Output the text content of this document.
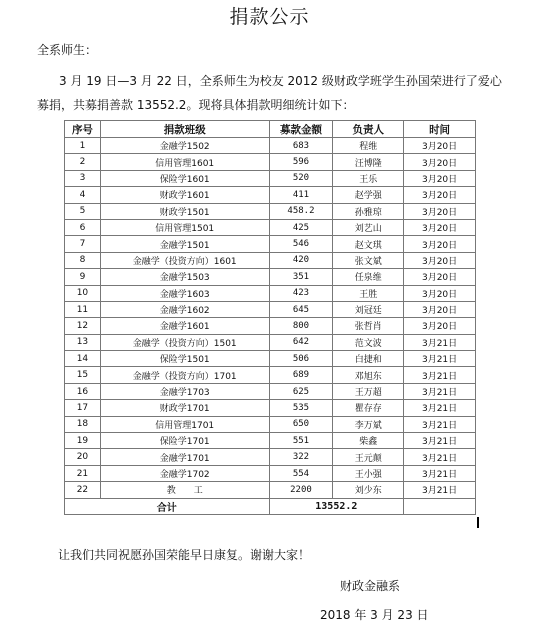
捐款公示
全系师生：
3 月 19 日—3 月 22 日，全系师生为校友 2012 级财政学班学生孙国荣进行了爱心募捐，共募捐善款 13552.2。现将具体捐款明细统计如下：
序号	捐款班级	募款金额	负责人	时间
1	金融学1502	683	程维	3月20日
2	信用管理1601	596	汪博隆	3月20日
3	保险学1601	520	王乐	3月20日
4	财政学1601	411	赵学强	3月20日
5	财政学1501	458.2	孙雅琼	3月20日
6	信用管理1501	425	刘艺山	3月20日
7	金融学1501	546	赵文琪	3月20日
8	金融学（投资方向）1601	420	张文斌	3月20日
9	金融学1503	351	任泉维	3月20日
10	金融学1603	423	王胜	3月20日
11	金融学1602	645	刘冠廷	3月20日
12	金融学1601	800	张哲肖	3月20日
13	金融学（投资方向）1501	642	范文波	3月21日
14	保险学1501	506	白捷和	3月21日
15	金融学（投资方向）1701	689	邓旭东	3月21日
16	金融学1703	625	王万超	3月21日
17	财政学1701	535	瞿存存	3月21日
18	信用管理1701	650	李万斌	3月21日
19	保险学1701	551	柴鑫	3月21日
20	金融学1701	322	王元颠	3月21日
21	金融学1702	554	王小强	3月21日
22	教　　工	2200	刘少东	3月21日
合计		13552.2		
让我们共同祝愿孙国荣能早日康复。谢谢大家！
财政金融系
2018 年 3 月 23 日
